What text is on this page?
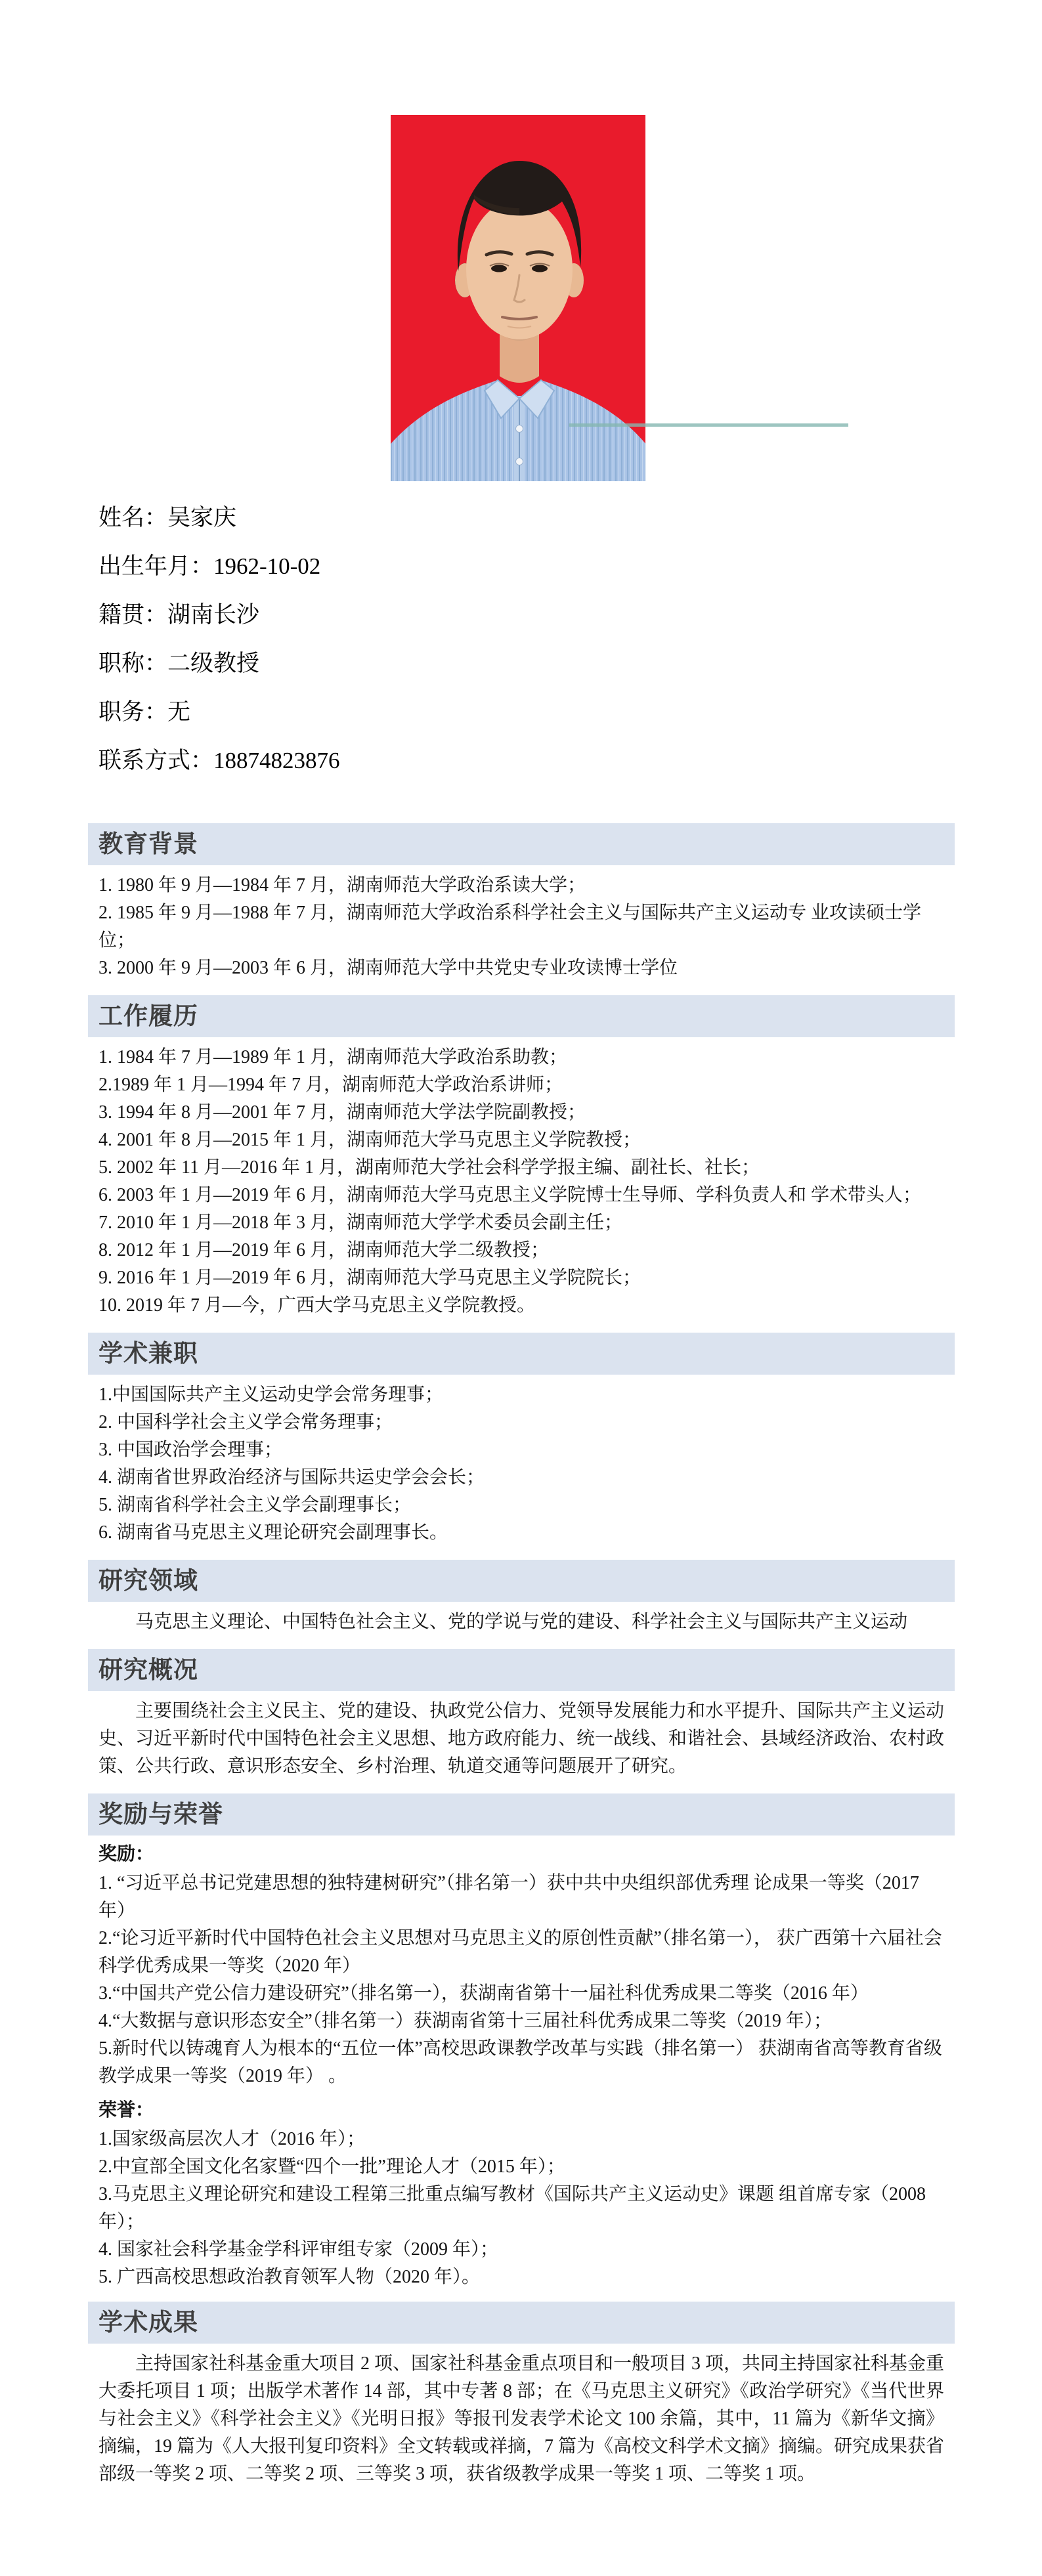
姓名：吴家庆
出生年月：1962-10-02
籍贯：湖南长沙
职称：二级教授
职务：无
联系方式：18874823876
教育背景
1. 1980 年 9 月—1984 年 7 月，湖南师范大学政治系读大学；
2. 1985 年 9 月—1988 年 7 月，湖南师范大学政治系科学社会主义与国际共产主义运动专 业攻读硕士学位；
3. 2000 年 9 月—2003 年 6 月，湖南师范大学中共党史专业攻读博士学位
工作履历
1. 1984 年 7 月—1989 年 1 月，湖南师范大学政治系助教；
2.1989 年 1 月—1994 年 7 月，湖南师范大学政治系讲师；
3. 1994 年 8 月—2001 年 7 月，湖南师范大学法学院副教授；
4. 2001 年 8 月—2015 年 1 月，湖南师范大学马克思主义学院教授；
5. 2002 年 11 月—2016 年 1 月，湖南师范大学社会科学学报主编、副社长、社长；
6. 2003 年 1 月—2019 年 6 月，湖南师范大学马克思主义学院博士生导师、学科负责人和 学术带头人；
7. 2010 年 1 月—2018 年 3 月，湖南师范大学学术委员会副主任；
8. 2012 年 1 月—2019 年 6 月，湖南师范大学二级教授；
9. 2016 年 1 月—2019 年 6 月，湖南师范大学马克思主义学院院长；
10. 2019 年 7 月—今，广西大学马克思主义学院教授。
学术兼职
1.中国国际共产主义运动史学会常务理事；
2. 中国科学社会主义学会常务理事；
3. 中国政治学会理事；
4. 湖南省世界政治经济与国际共运史学会会长；
5. 湖南省科学社会主义学会副理事长；
6. 湖南省马克思主义理论研究会副理事长。
研究领域

马克思主义理论、中国特色社会主义、党的学说与党的建设、科学社会主义与国际共产主义运动

研究概况

主要围绕社会主义民主、党的建设、执政党公信力、党领导发展能力和水平提升、国际共产主义运动史、习近平新时代中国特色社会主义思想、地方政府能力、统一战线、和谐社会、县域经济政治、农村政策、公共行政、意识形态安全、乡村治理、轨道交通等问题展开了研究。

奖励与荣誉
奖励：
1. “习近平总书记党建思想的独特建树研究”（排名第一）获中共中央组织部优秀理 论成果一等奖（2017 年）
2.“论习近平新时代中国特色社会主义思想对马克思主义的原创性贡献”（排名第一）， 获广西第十六届社会科学优秀成果一等奖（2020 年）
3.“中国共产党公信力建设研究”（排名第一），获湖南省第十一届社科优秀成果二等奖（2016 年）
4.“大数据与意识形态安全”（排名第一）获湖南省第十三届社科优秀成果二等奖（2019 年）；
5.新时代以铸魂育人为根本的“五位一体”高校思政课教学改革与实践（排名第一） 获湖南省高等教育省级教学成果一等奖（2019 年） 。
荣誉：
1.国家级高层次人才（2016 年）；
2.中宣部全国文化名家暨“四个一批”理论人才（2015 年）；
3.马克思主义理论研究和建设工程第三批重点编写教材《国际共产主义运动史》课题 组首席专家（2008 年）；
4. 国家社会科学基金学科评审组专家（2009 年）；
5. 广西高校思想政治教育领军人物（2020 年）。
学术成果

主持国家社科基金重大项目 2 项、国家社科基金重点项目和一般项目 3 项，共同主持国家社科基金重大委托项目 1 项；出版学术著作 14 部，其中专著 8 部；在《马克思主义研究》《政治学研究》《当代世界与社会主义》《科学社会主义》《光明日报》等报刊发表学术论文 100 余篇，其中，11 篇为《新华文摘》摘编，19 篇为《人大报刊复印资料》全文转载或祥摘，7 篇为《高校文科学术文摘》摘编。研究成果获省部级一等奖 2 项、二等奖 2 项、三等奖 3 项，获省级教学成果一等奖 1 项、二等奖 1 项。
